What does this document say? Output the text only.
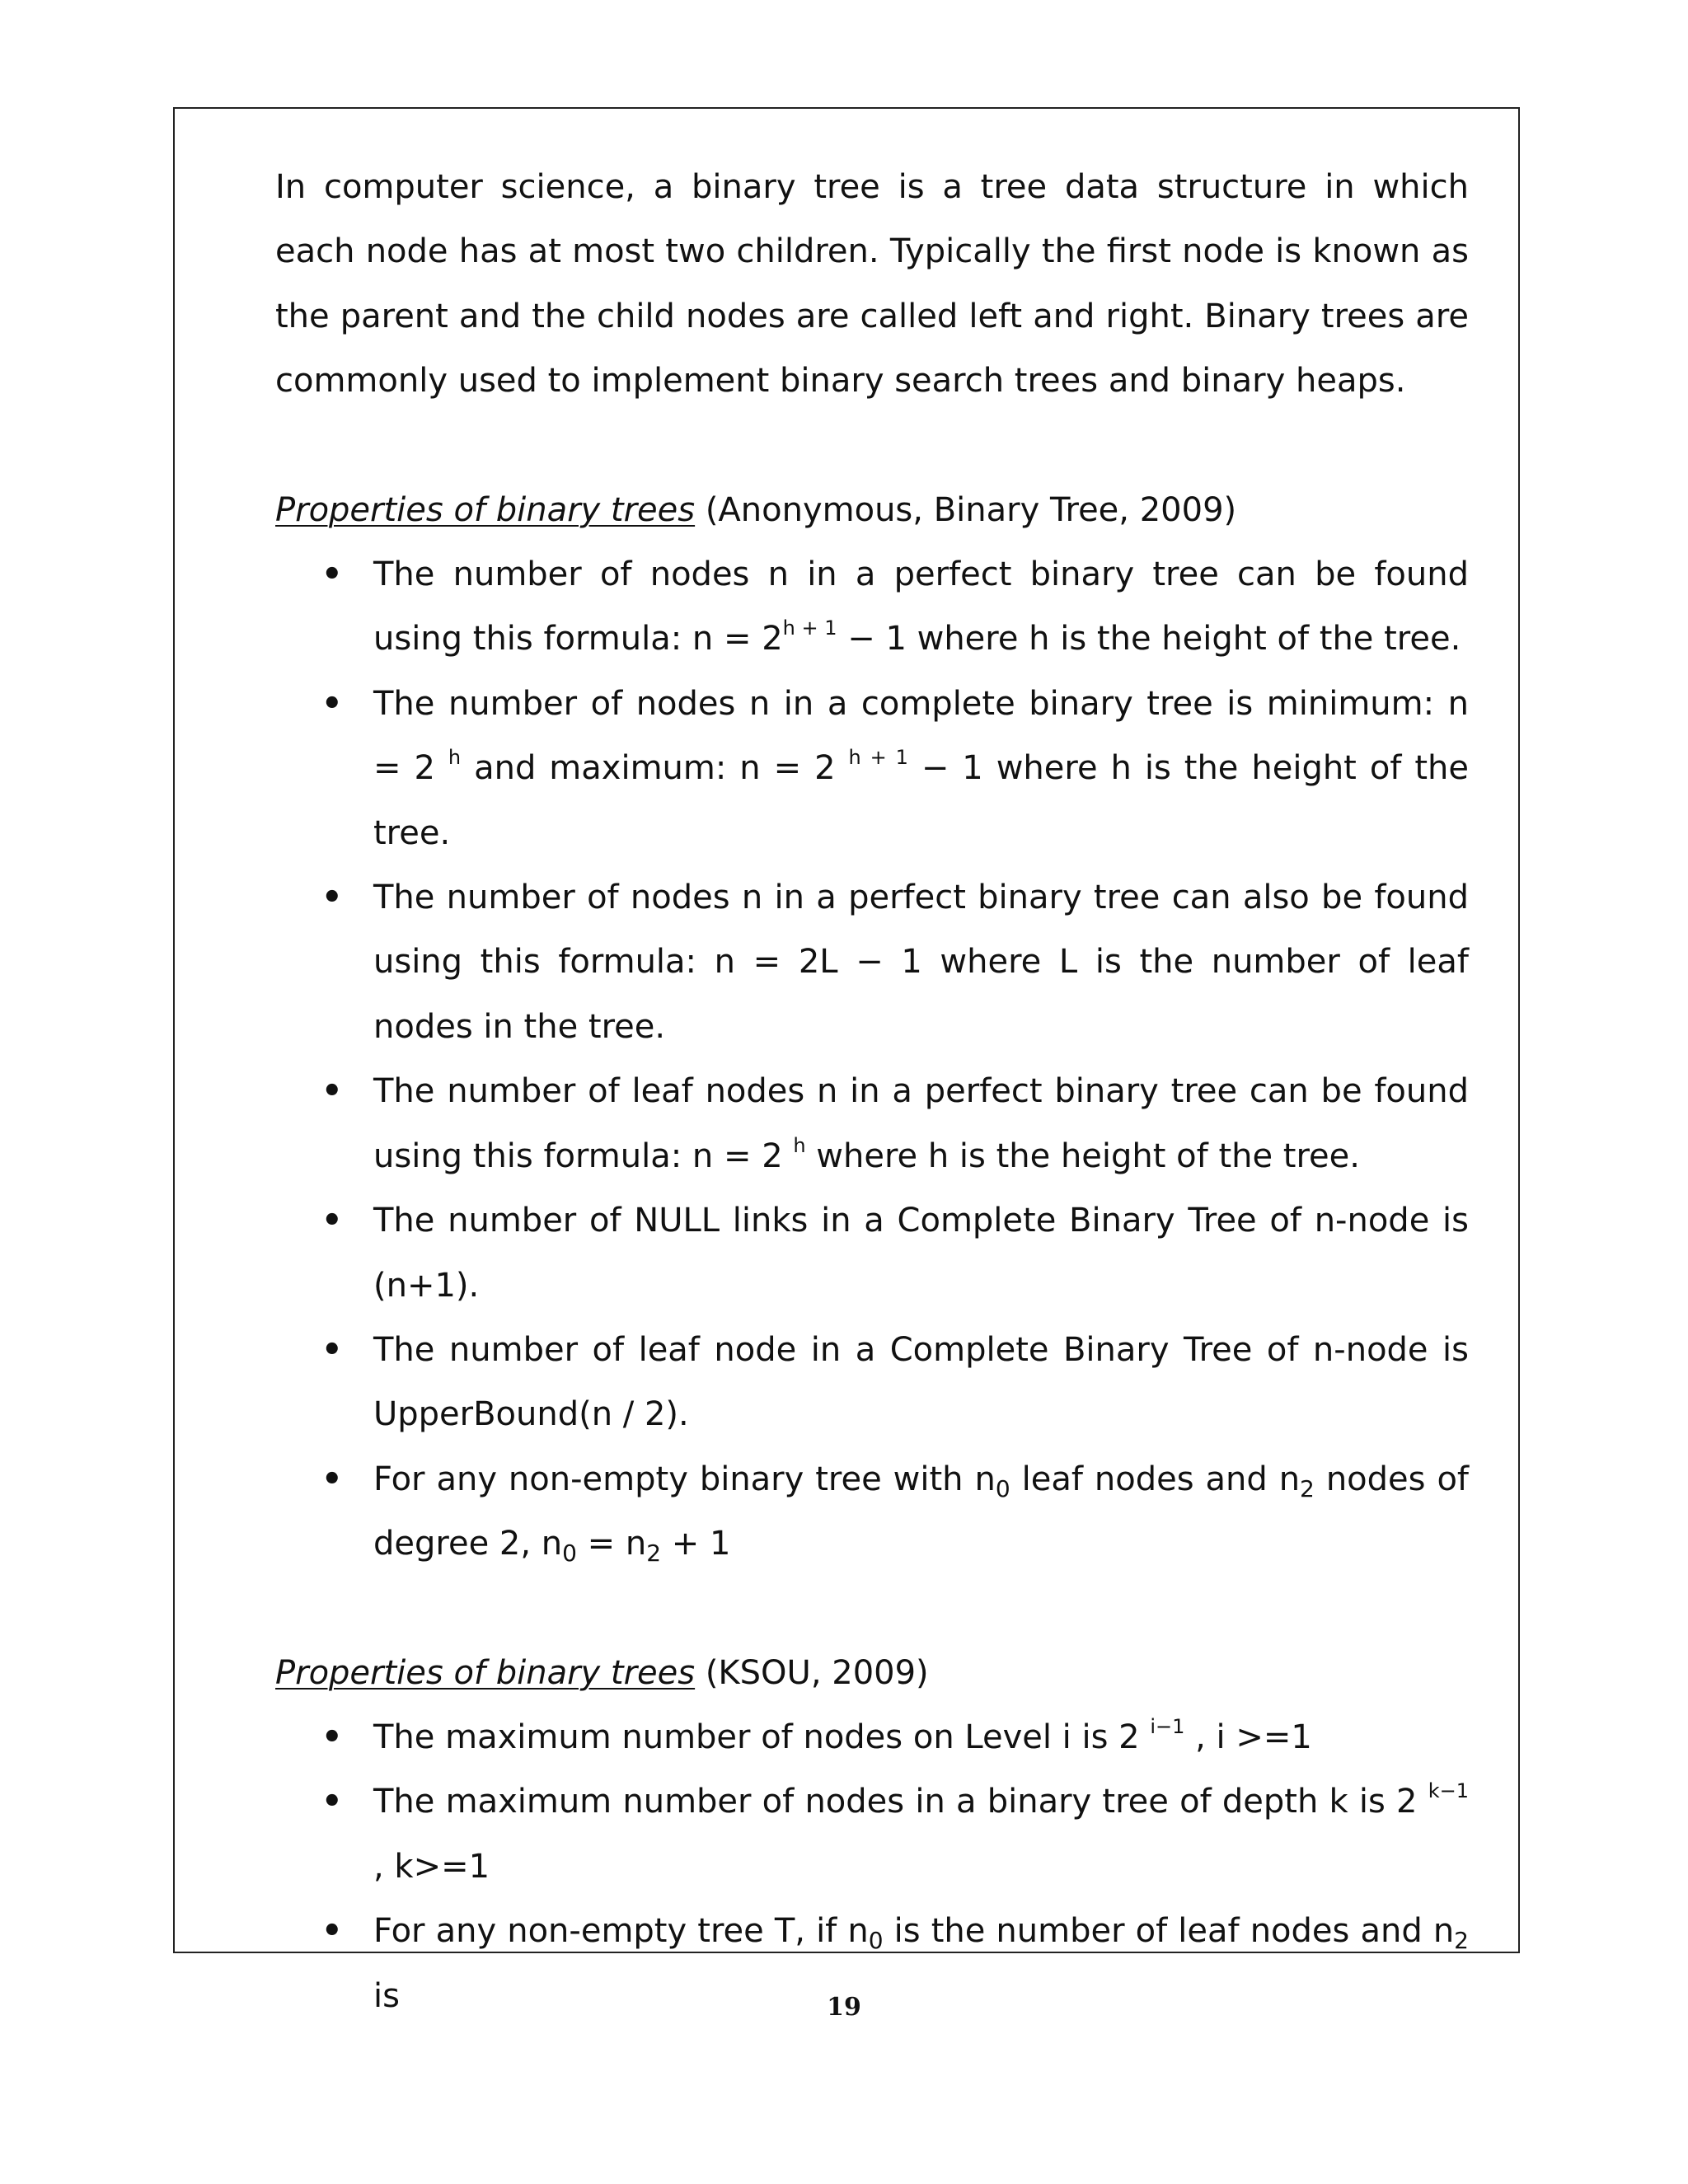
In computer science, a binary tree is a tree data structure in which each node has at most two children. Typically the first node is known as the parent and the child nodes are called left and right. Binary trees are commonly used to implement binary search trees and binary heaps.

Properties of binary trees (Anonymous, Binary Tree, 2009)

• The number of nodes n in a perfect binary tree can be found using this formula: $n = 2^{h + 1} - 1$ where h is the height of the tree.
• The number of nodes n in a complete binary tree is minimum: n = 2 $^h$ and maximum: n = 2 $^{h + 1}$ − 1 where h is the height of the tree.
• The number of nodes n in a perfect binary tree can also be found using this formula: n = 2L − 1 where L is the number of leaf nodes in the tree.
• The number of leaf nodes n in a perfect binary tree can be found using this formula: n = 2 $^h$ where h is the height of the tree.
• The number of NULL links in a Complete Binary Tree of n-node is (n+1).
• The number of leaf node in a Complete Binary Tree of n-node is UpperBound(n / 2).
• For any non-empty binary tree with $n_0$ leaf nodes and $n_2$ nodes of degree 2, $n_0 = n_2 + 1$

Properties of binary trees (KSOU, 2009)

• The maximum number of nodes on Level i is 2 $^{i-1}$ , i >=1
• The maximum number of nodes in a binary tree of depth k is 2 $^{k-1}$ , k>=1
• For any non-empty tree T, if $n_0$ is the number of leaf nodes and $n_2$ is	19
